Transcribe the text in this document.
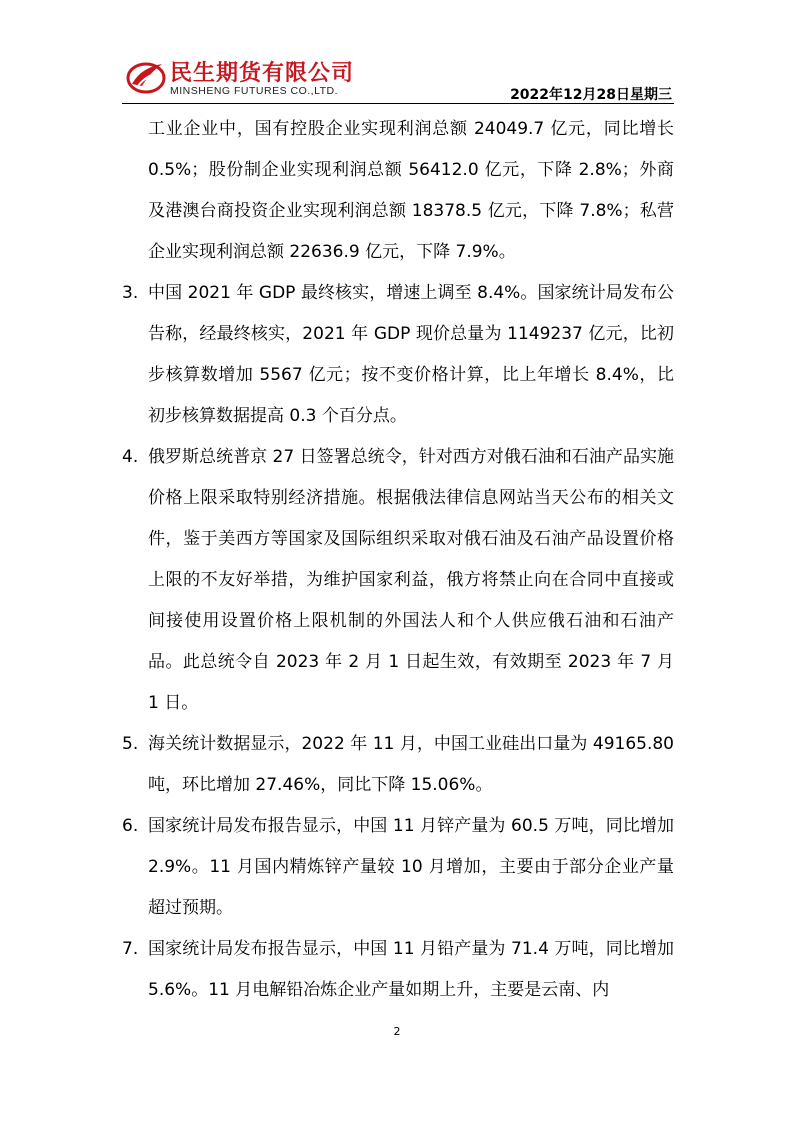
民生期货有限公司
MINSHENG FUTURES CO.,LTD.	2022年12月28日星期三

工业企业中，国有控股企业实现利润总额 24049.7 亿元，同比增长 0.5%；股份制企业实现利润总额 56412.0 亿元，下降 2.8%；外商及港澳台商投资企业实现利润总额 18378.5 亿元，下降 7.8%；私营企业实现利润总额 22636.9 亿元，下降 7.9%。

3. 中国 2021 年 GDP 最终核实，增速上调至 8.4%。国家统计局发布公告称，经最终核实，2021 年 GDP 现价总量为 1149237 亿元，比初步核算数增加 5567 亿元；按不变价格计算，比上年增长 8.4%，比初步核算数据提高 0.3 个百分点。

4. 俄罗斯总统普京 27 日签署总统令，针对西方对俄石油和石油产品实施价格上限采取特别经济措施。根据俄法律信息网站当天公布的相关文件，鉴于美西方等国家及国际组织采取对俄石油及石油产品设置价格上限的不友好举措，为维护国家利益，俄方将禁止向在合同中直接或间接使用设置价格上限机制的外国法人和个人供应俄石油和石油产品。此总统令自 2023 年 2 月 1 日起生效，有效期至 2023 年 7 月 1 日。

5. 海关统计数据显示，2022 年 11 月，中国工业硅出口量为 49165.80 吨，环比增加 27.46%，同比下降 15.06%。

6. 国家统计局发布报告显示，中国 11 月锌产量为 60.5 万吨，同比增加 2.9%。11 月国内精炼锌产量较 10 月增加，主要由于部分企业产量超过预期。

7. 国家统计局发布报告显示，中国 11 月铅产量为 71.4 万吨，同比增加 5.6%。11 月电解铅冶炼企业产量如期上升，主要是云南、内

2
